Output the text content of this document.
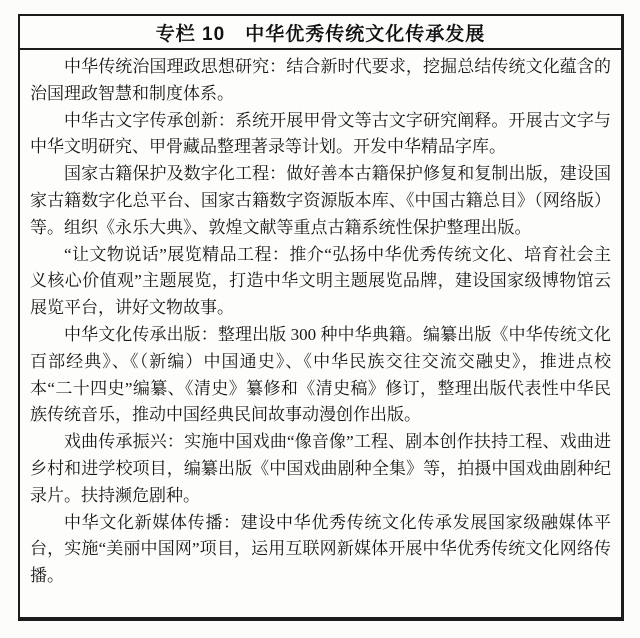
专栏 10　中华优秀传统文化传承发展

中华传统治国理政思想研究：结合新时代要求，挖掘总结传统文化蕴含的治国理政智慧和制度体系。

中华古文字传承创新：系统开展甲骨文等古文字研究阐释。开展古文字与中华文明研究、甲骨藏品整理著录等计划。开发中华精品字库。

国家古籍保护及数字化工程：做好善本古籍保护修复和复制出版，建设国家古籍数字化总平台、国家古籍数字资源版本库、《中国古籍总目》（网络版）等。组织《永乐大典》、敦煌文献等重点古籍系统性保护整理出版。

“让文物说话”展览精品工程：推介“弘扬中华优秀传统文化、培育社会主义核心价值观”主题展览，打造中华文明主题展览品牌，建设国家级博物馆云展览平台，讲好文物故事。

中华文化传承出版：整理出版 300 种中华典籍。编纂出版《中华传统文化百部经典》、《（新编）中国通史》、《中华民族交往交流交融史》，推进点校本“二十四史”编纂、《清史》纂修和《清史稿》修订，整理出版代表性中华民族传统音乐，推动中国经典民间故事动漫创作出版。

戏曲传承振兴：实施中国戏曲“像音像”工程、剧本创作扶持工程、戏曲进乡村和进学校项目，编纂出版《中国戏曲剧种全集》等，拍摄中国戏曲剧种纪录片。扶持濒危剧种。

中华文化新媒体传播：建设中华优秀传统文化传承发展国家级融媒体平台，实施“美丽中国网”项目，运用互联网新媒体开展中华优秀传统文化网络传播。
